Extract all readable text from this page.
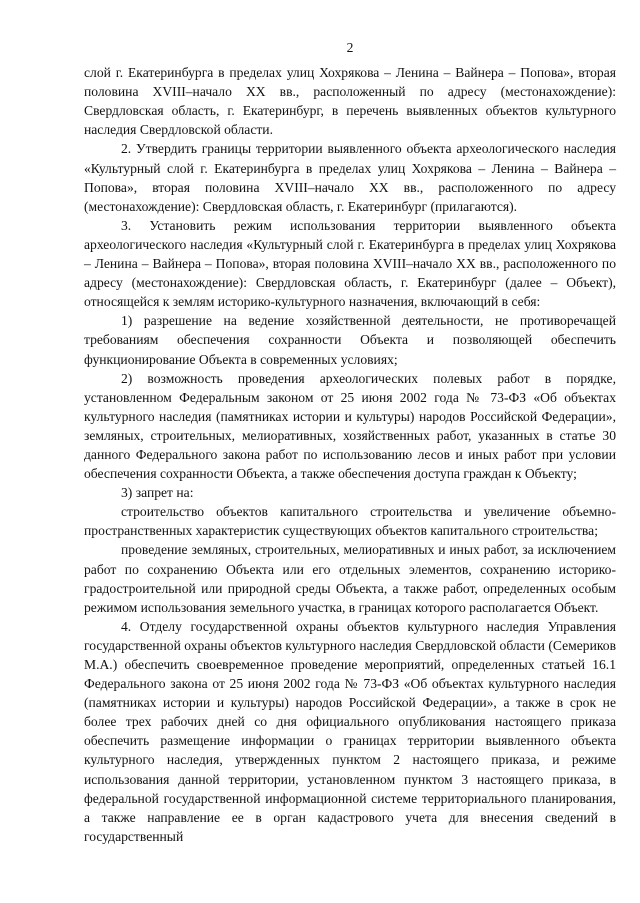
2

слой г. Екатеринбурга в пределах улиц Хохрякова – Ленина – Вайнера – Попова», вторая половина XVIII–начало XX вв., расположенный по адресу (местонахождение): Свердловская область, г. Екатеринбург, в перечень выявленных объектов культурного наследия Свердловской области.

2. Утвердить границы территории выявленного объекта археологического наследия «Культурный слой г. Екатеринбурга в пределах улиц Хохрякова – Ленина – Вайнера – Попова», вторая половина XVIII–начало XX вв., расположенного по адресу (местонахождение): Свердловская область, г. Екатеринбург (прилагаются).

3. Установить режим использования территории выявленного объекта археологического наследия «Культурный слой г. Екатеринбурга в пределах улиц Хохрякова – Ленина – Вайнера – Попова», вторая половина XVIII–начало XX вв., расположенного по адресу (местонахождение): Свердловская область, г. Екатеринбург (далее – Объект), относящейся к землям историко-культурного назначения, включающий в себя:

1) разрешение на ведение хозяйственной деятельности, не противоречащей требованиям обеспечения сохранности Объекта и позволяющей обеспечить функционирование Объекта в современных условиях;

2) возможность проведения археологических полевых работ в порядке, установленном Федеральным законом от 25 июня 2002 года № 73-ФЗ «Об объектах культурного наследия (памятниках истории и культуры) народов Российской Федерации», земляных, строительных, мелиоративных, хозяйственных работ, указанных в статье 30 данного Федерального закона работ по использованию лесов и иных работ при условии обеспечения сохранности Объекта, а также обеспечения доступа граждан к Объекту;

3) запрет на:

строительство объектов капитального строительства и увеличение объемно-пространственных характеристик существующих объектов капитального строительства;

проведение земляных, строительных, мелиоративных и иных работ, за исключением работ по сохранению Объекта или его отдельных элементов, сохранению историко-градостроительной или природной среды Объекта, а также работ, определенных особым режимом использования земельного участка, в границах которого располагается Объект.

4. Отделу государственной охраны объектов культурного наследия Управления государственной охраны объектов культурного наследия Свердловской области (Семериков М.А.) обеспечить своевременное проведение мероприятий, определенных статьей 16.1 Федерального закона от 25 июня 2002 года № 73-ФЗ «Об объектах культурного наследия (памятниках истории и культуры) народов Российской Федерации», а также в срок не более трех рабочих дней со дня официального опубликования настоящего приказа обеспечить размещение информации о границах территории выявленного объекта культурного наследия, утвержденных пунктом 2 настоящего приказа, и режиме использования данной территории, установленном пунктом 3 настоящего приказа, в федеральной государственной информационной системе территориального планирования, а также направление ее в орган кадастрового учета для внесения сведений в государственный
